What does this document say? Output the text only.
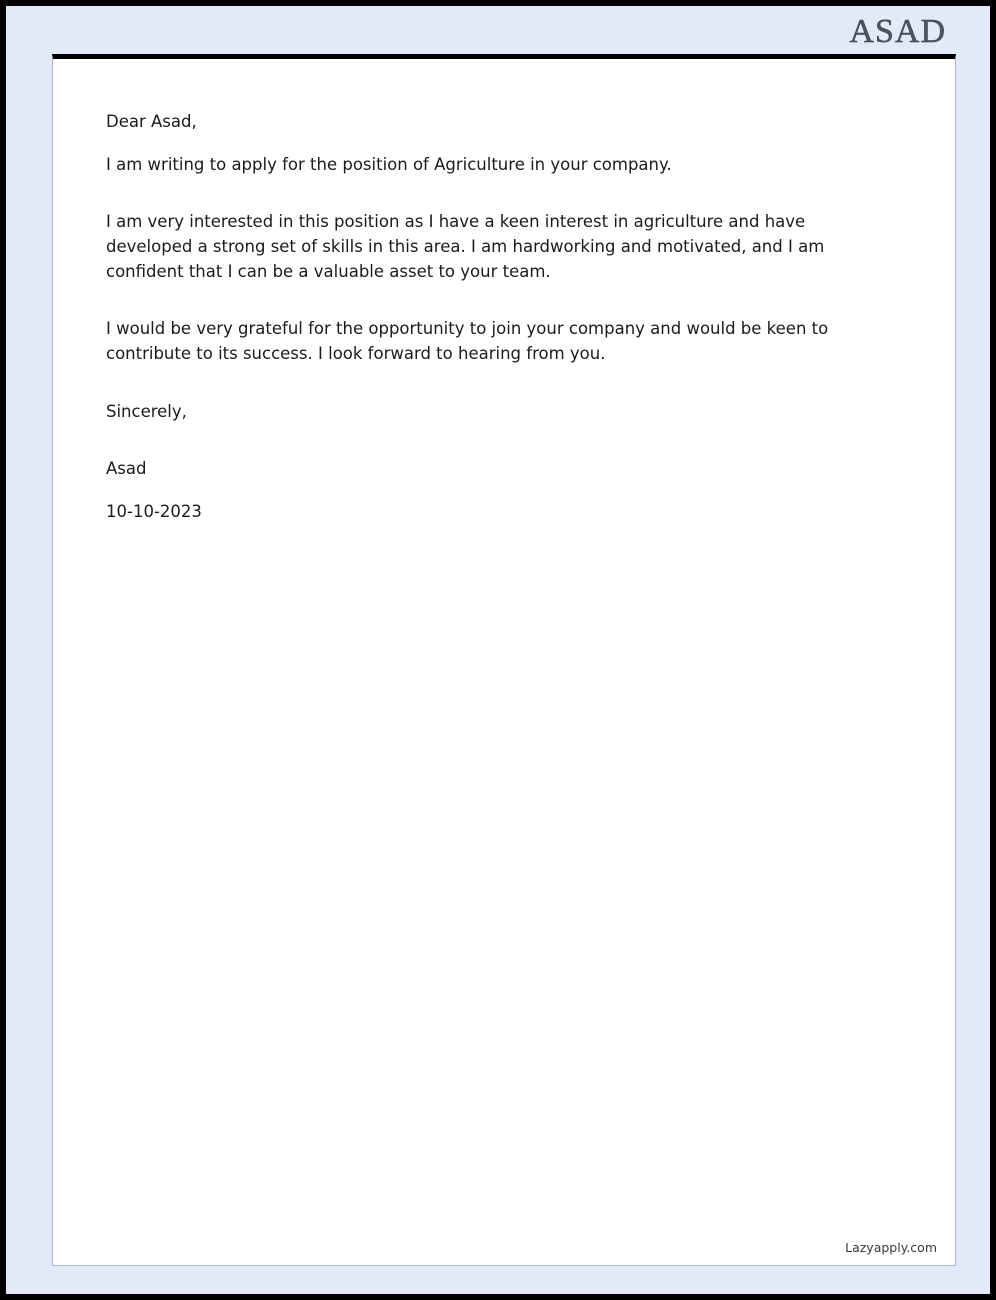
ASAD

Dear Asad,

I am writing to apply for the position of Agriculture in your company.

I am very interested in this position as I have a keen interest in agriculture and have developed a strong set of skills in this area. I am hardworking and motivated, and I am confident that I can be a valuable asset to your team.

I would be very grateful for the opportunity to join your company and would be keen to contribute to its success. I look forward to hearing from you.

Sincerely,

Asad

10-10-2023

Lazyapply.com
